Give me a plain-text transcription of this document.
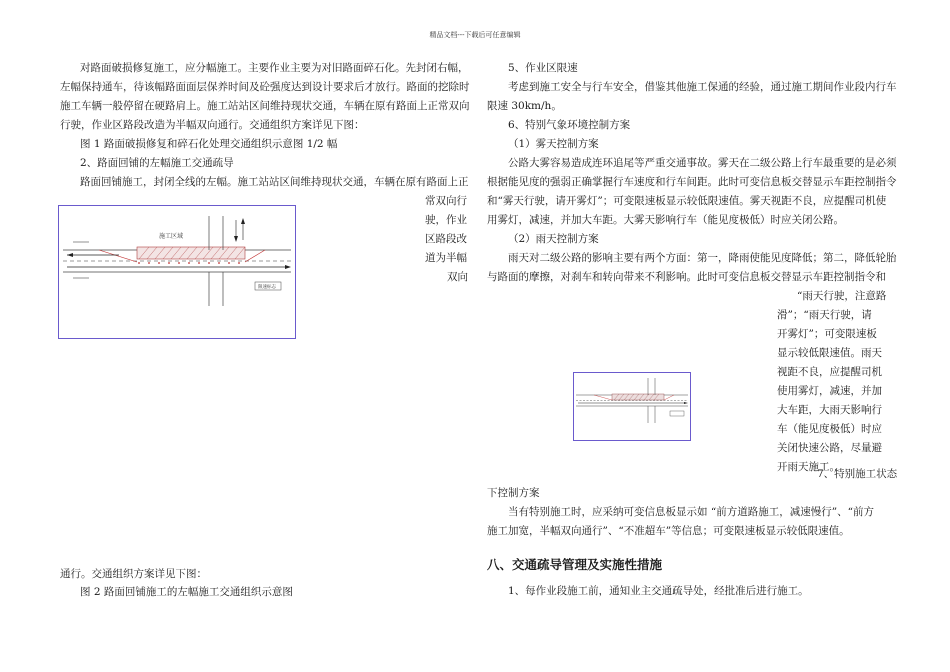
精品文档---下载后可任意编辑
对路面破损修复施工，应分幅施工。主要作业主要为对旧路面碎石化。先封闭右幅，
左幅保持通车，待该幅路面面层保养时间及砼强度达到设计要求后才放行。路面的挖除时
施工车辆一般停留在硬路肩上。施工站站区间维持现状交通，车辆在原有路面上正常双向
行驶，作业区路段改造为半幅双向通行。交通组织方案详见下图：
图 1 路面破损修复和碎石化处理交通组织示意图 1/2 幅
2、路面回铺的左幅施工交通疏导
路面回铺施工，封闭全线的左幅。施工站站区间维持现状交通，车辆在原有路面上正
常双向行
驶，作业
区路段改
道为半幅
双向
施工区域
限速标志
通行。交通组织方案详见下图：
图 2 路面回铺施工的左幅施工交通组织示意图
5、作业区限速
考虑到施工安全与行车安全，借鉴其他施工保通的经验，通过施工期间作业段内行车
限速 30km/h。
6、特别气象环境控制方案
（1）雾天控制方案
公路大雾容易造成连环追尾等严重交通事故。雾天在二级公路上行车最重要的是必须
根据能见度的强弱正确掌握行车速度和行车间距。此时可变信息板交替显示车距控制指令
和“雾天行驶，请开雾灯”；可变限速板显示较低限速值。雾天视距不良，应提醒司机使
用雾灯，减速，并加大车距。大雾天影响行车（能见度极低）时应关闭公路。
（2）雨天控制方案
雨天对二级公路的影响主要有两个方面：第一，降雨使能见度降低；第二，降低轮胎
与路面的摩擦，对刹车和转向带来不利影响。此时可变信息板交替显示车距控制指令和
“雨天行驶，注意路
滑”；“雨天行驶，请
开雾灯”；可变限速板
显示较低限速值。雨天
视距不良，应提醒司机
使用雾灯，减速，并加
大车距，大雨天影响行
车（能见度极低）时应
关闭快速公路，尽量避
开雨天施工。
7、特别施工状态
下控制方案
当有特别施工时，应采纳可变信息板显示如 “前方道路施工，减速慢行”、“前方
施工加宽，半幅双向通行”、“不准超车”等信息；可变限速板显示较低限速值。
八、交通疏导管理及实施性措施
1、每作业段施工前，通知业主交通疏导处，经批准后进行施工。
